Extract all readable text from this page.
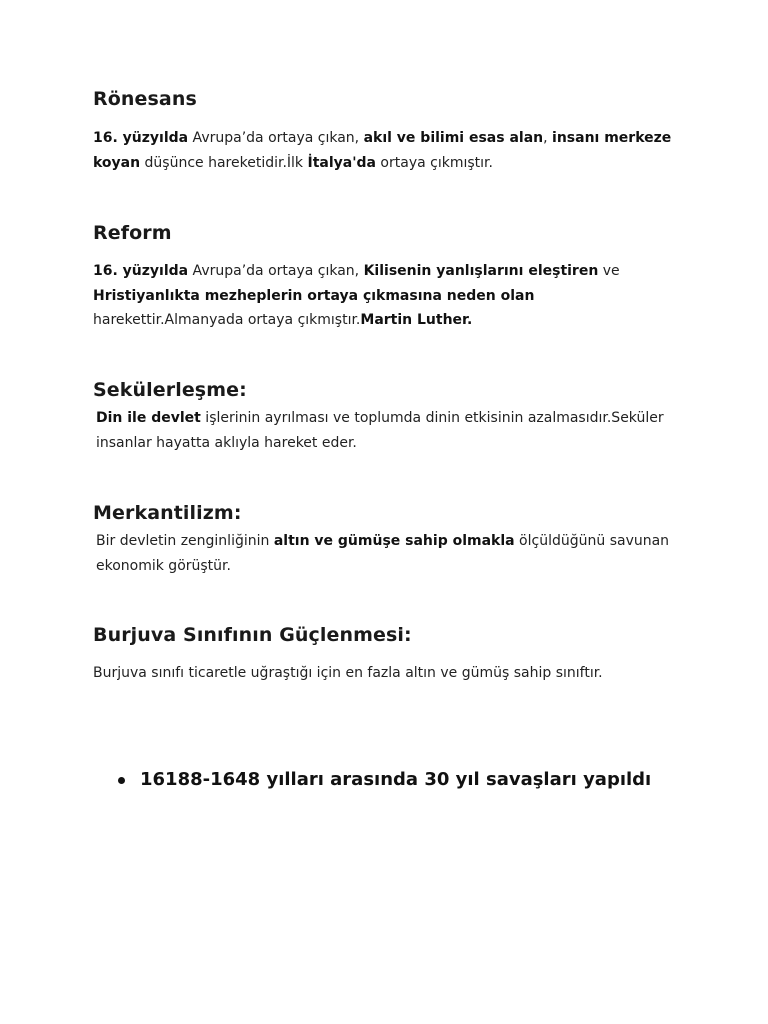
Rönesans

16. yüzyılda Avrupa’da ortaya çıkan, akıl ve bilimi esas alan, insanı merkeze koyan düşünce hareketidir.İlk İtalya'da ortaya çıkmıştır.

Reform

16. yüzyılda Avrupa’da ortaya çıkan, Kilisenin yanlışlarını eleştiren ve Hristiyanlıkta mezheplerin ortaya çıkmasına neden olan harekettir.Almanyada ortaya çıkmıştır.Martin Luther.

Sekülerleşme:

Din ile devlet işlerinin ayrılması ve toplumda dinin etkisinin azalmasıdır.Seküler insanlar hayatta aklıyla hareket eder.

Merkantilizm:

Bir devletin zenginliğinin altın ve gümüşe sahip olmakla ölçüldüğünü savunan ekonomik görüştür.

Burjuva Sınıfının Güçlenmesi:

Burjuva sınıfı ticaretle uğraştığı için en fazla altın ve gümüş sahip sınıftır.

16188-1648 yılları arasında 30 yıl savaşları yapıldı
